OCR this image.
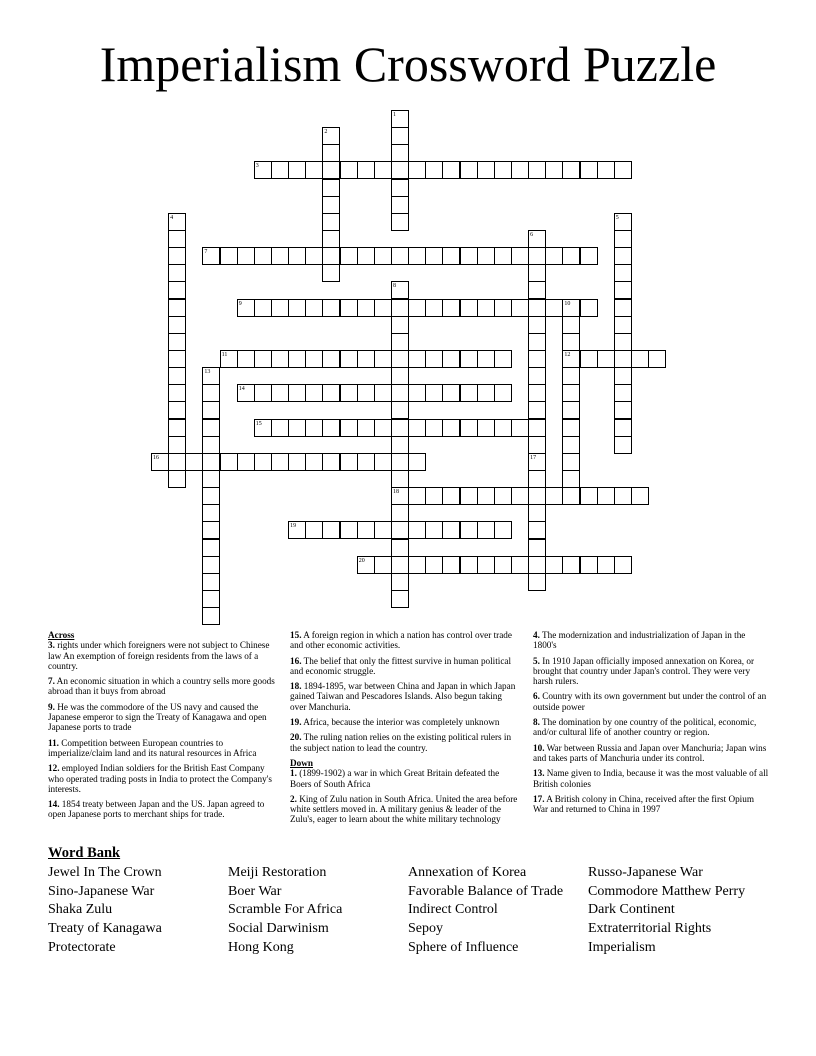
Imperialism Crossword Puzzle
1
2
3
4	5
6
17
7
8
18
9	10
12
11
13
14
15
16
19
20

Across

3. rights under which foreigners were not subject to Chinese law An exemption of foreign residents from the laws of a country.

7. An economic situation in which a country sells more goods abroad than it buys from abroad

9. He was the commodore of the US navy and caused the Japanese emperor to sign the Treaty of Kanagawa and open Japanese ports to trade

11. Competition between European countries to imperialize/claim land and its natural resources in Africa

12. employed Indian soldiers for the British East Company who operated trading posts in India to protect the Company's interests.

14. 1854 treaty between Japan and the US. Japan agreed to open Japanese ports to merchant ships for trade.

15. A foreign region in which a nation has control over trade and other economic activities.

16. The belief that only the fittest survive in human political and economic struggle.

18. 1894-1895, war between China and Japan in which Japan gained Taiwan and Pescadores Islands. Also begun taking over Manchuria.

19. Africa, because the interior was completely unknown

20. The ruling nation relies on the existing political rulers in the subject nation to lead the country.

Down

1. (1899-1902) a war in which Great Britain defeated the Boers of South Africa

2. King of Zulu nation in South Africa. United the area before white settlers moved in. A military genius & leader of the Zulu's, eager to learn about the white military technology

4. The modernization and industrialization of Japan in the 1800's

5. In 1910 Japan officially imposed annexation on Korea, or brought that country under Japan's control. They were very harsh rulers.

6. Country with its own government but under the control of an outside power

8. The domination by one country of the political, economic, and/or cultural life of another country or region.

10. War between Russia and Japan over Manchuria; Japan wins and takes parts of Manchuria under its control.

13. Name given to India, because it was the most valuable of all British colonies

17. A British colony in China, received after the first Opium War and returned to China in 1997

Word Bank
Jewel In The Crown	Meiji Restoration	Annexation of Korea	Russo-Japanese War
Sino-Japanese War	Boer War	Favorable Balance of Trade	Commodore Matthew Perry
Shaka Zulu	Scramble For Africa	Indirect Control	Dark Continent
Treaty of Kanagawa	Social Darwinism	Sepoy	Extraterritorial Rights
Protectorate	Hong Kong	Sphere of Influence	Imperialism
